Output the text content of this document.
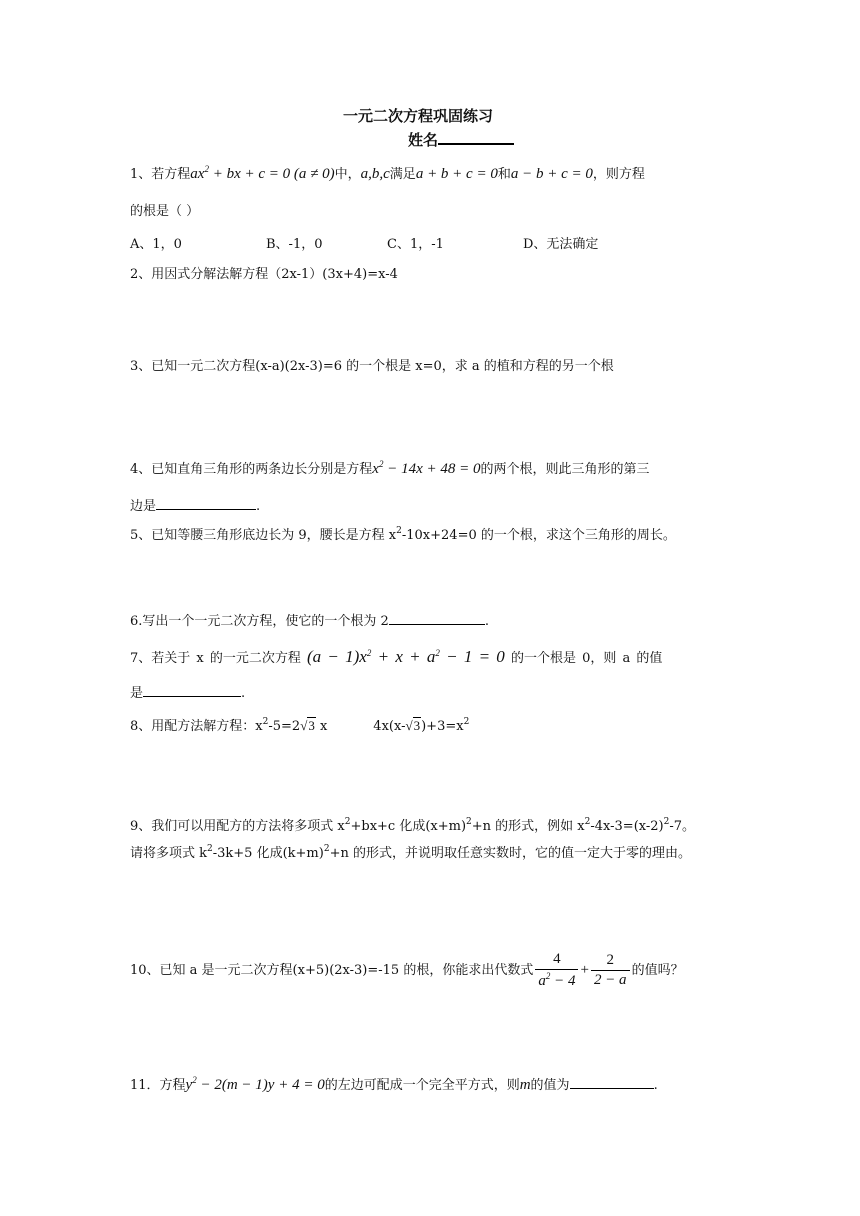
一元二次方程巩固练习
姓名
1、若方程$ax^2$ + bx + c = 0 (a ≠ 0)中，a,b,c满足a + b + c = 0和a − b + c = 0，则方程
的根是（ ）
A、1，0	B、-1，0	C、1，-1	D、无法确定
2、用因式分解法解方程（2x-1）(3x+4)=x-4
3、已知一元二次方程(x-a)(2x-3)=6 的一个根是 x=0，求 a 的植和方程的另一个根
4、已知直角三角形的两条边长分别是方程$x^2 - 14x + 48 = 0$的两个根，则此三角形的第三
边是	.
5、已知等腰三角形底边长为 9，腰长是方程 $x^2-10x+24=0$ 的一个根，求这个三角形的周长。
6.写出一个一元二次方程，使它的一个根为 2	.
7、若关于 x 的一元二次方程 $(a - 1)x^2 + x + a^2 - 1 = 0$ 的一个根是 0，则 a 的值
是	.
8、用配方法解方程：$x^2-5=2√3$ x	$4x(x-√3)+3=x^2$
9、我们可以用配方的方法将多项式 $x^2+bx+c$ 化成$(x+m)^2+n$ 的形式，例如 $x^2-4x-3=(x-2)^2-7$。
请将多项式 $k^2-3k+5$ 化成$(k+m)^2+n$ 的形式，并说明取任意实数时，它的值一定大于零的理由。
10、已知 a 是一元二次方程(x+5)(2x-3)=-15 的根，你能求出代数式 $\frac{4}{a^2 - 4} + \frac{2}{2 - a}$ 的值吗？
11．方程$y^2 - 2(m - 1)y + 4 = 0$的左边可配成一个完全平方式，则m的值为	.
